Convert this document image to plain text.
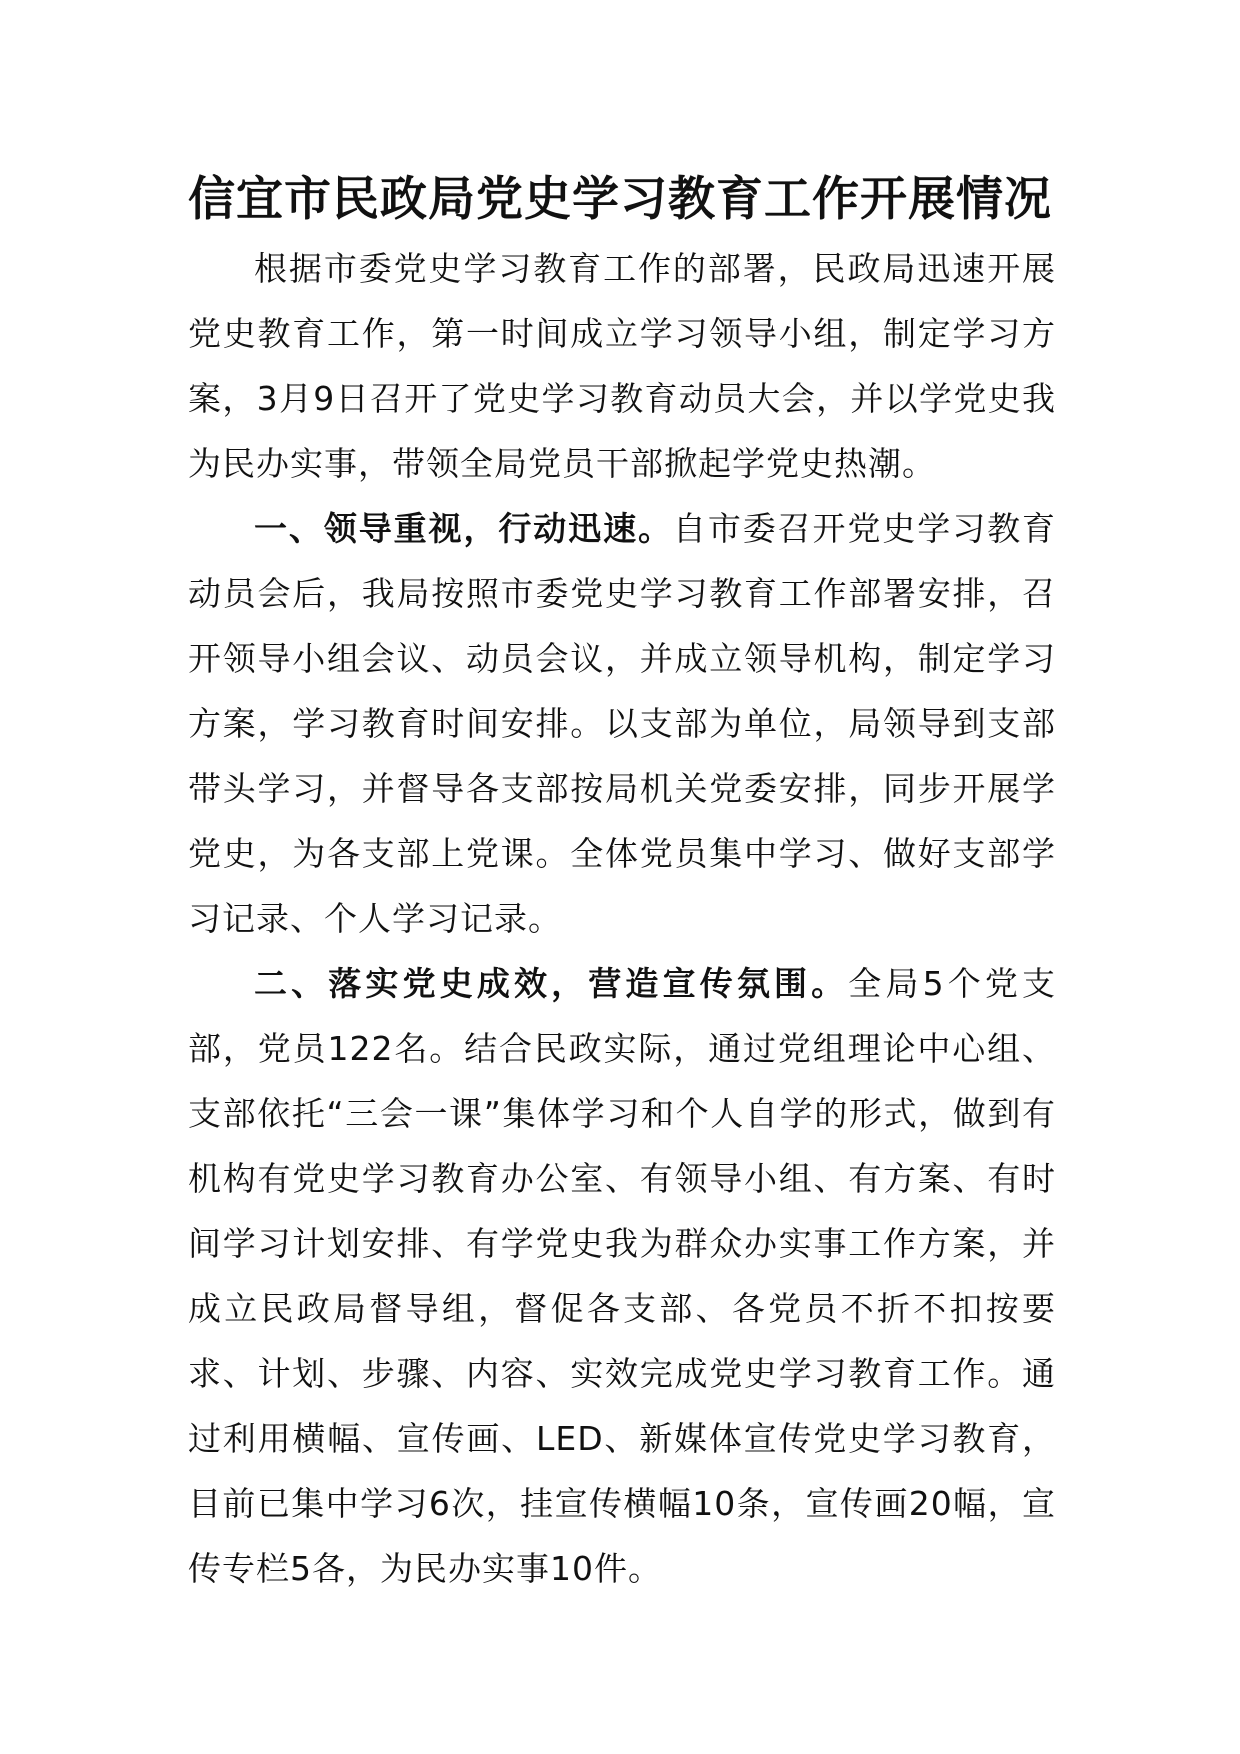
信宜市民政局党史学习教育工作开展情况

根据市委党史学习教育工作的部署，民政局迅速开展党史教育工作，第一时间成立学习领导小组，制定学习方案，3月9日召开了党史学习教育动员大会，并以学党史我为民办实事，带领全局党员干部掀起学党史热潮。

一、领导重视，行动迅速。自市委召开党史学习教育动员会后，我局按照市委党史学习教育工作部署安排，召开领导小组会议、动员会议，并成立领导机构，制定学习方案，学习教育时间安排。以支部为单位，局领导到支部带头学习，并督导各支部按局机关党委安排，同步开展学党史，为各支部上党课。全体党员集中学习、做好支部学习记录、个人学习记录。

二、落实党史成效，营造宣传氛围。全局5个党支部，党员122名。结合民政实际，通过党组理论中心组、支部依托“三会一课”集体学习和个人自学的形式，做到有机构有党史学习教育办公室、有领导小组、有方案、有时间学习计划安排、有学党史我为群众办实事工作方案，并成立民政局督导组，督促各支部、各党员不折不扣按要求、计划、步骤、内容、实效完成党史学习教育工作。通过利用横幅、宣传画、LED、新媒体宣传党史学习教育，目前已集中学习6次，挂宣传横幅10条，宣传画20幅，宣传专栏5各，为民办实事10件。
